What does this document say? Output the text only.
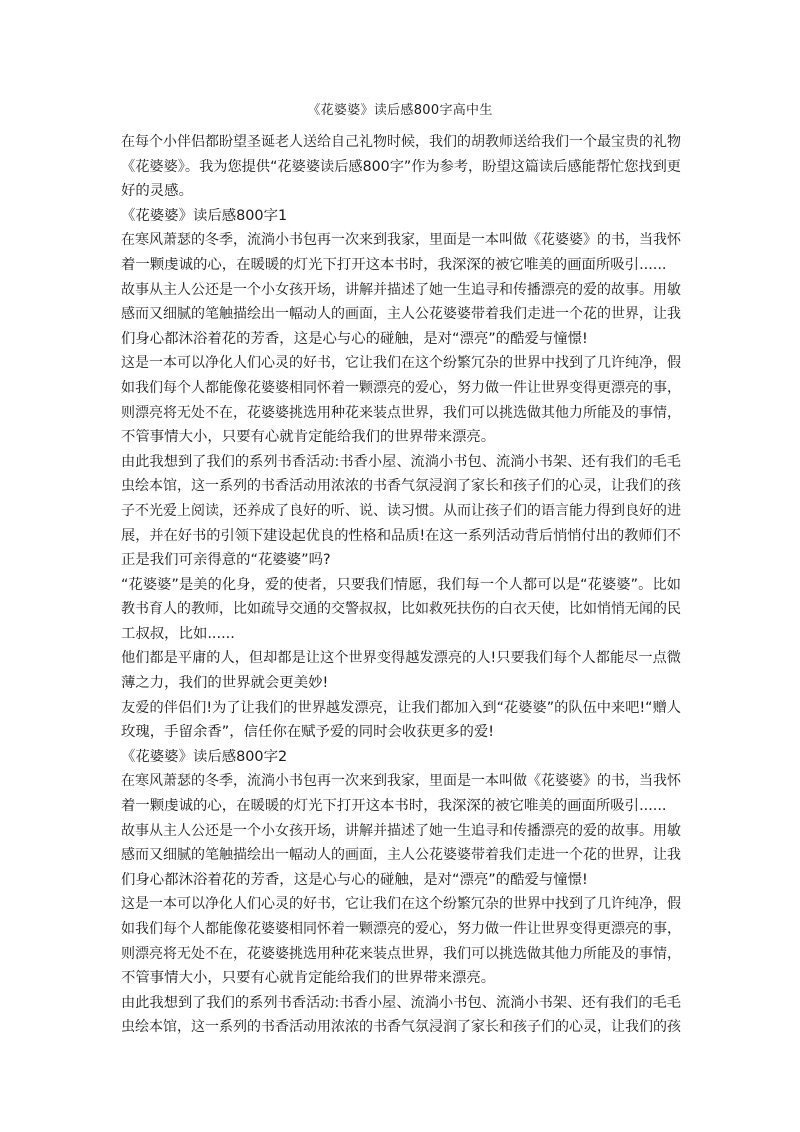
《花婆婆》读后感800字高中生
在每个小伴侣都盼望圣诞老人送给自己礼物时候，我们的胡教师送给我们一个最宝贵的礼物
《花婆婆》。我为您提供“花婆婆读后感800字”作为参考，盼望这篇读后感能帮忙您找到更
好的灵感。
《花婆婆》读后感800字1
在寒风萧瑟的冬季，流淌小书包再一次来到我家，里面是一本叫做《花婆婆》的书，当我怀
着一颗虔诚的心，在暖暖的灯光下打开这本书时，我深深的被它唯美的画面所吸引......
故事从主人公还是一个小女孩开场，讲解并描述了她一生追寻和传播漂亮的爱的故事。用敏
感而又细腻的笔触描绘出一幅动人的画面，主人公花婆婆带着我们走进一个花的世界，让我
们身心都沐浴着花的芳香，这是心与心的碰触，是对“漂亮”的酷爱与憧憬!
这是一本可以净化人们心灵的好书，它让我们在这个纷繁冗杂的世界中找到了几许纯净，假
如我们每个人都能像花婆婆相同怀着一颗漂亮的爱心，努力做一件让世界变得更漂亮的事，
则漂亮将无处不在，花婆婆挑选用种花来装点世界，我们可以挑选做其他力所能及的事情，
不管事情大小，只要有心就肯定能给我们的世界带来漂亮。
由此我想到了我们的系列书香活动:书香小屋、流淌小书包、流淌小书架、还有我们的毛毛
虫绘本馆，这一系列的书香活动用浓浓的书香气氛浸润了家长和孩子们的心灵，让我们的孩
子不光爱上阅读，还养成了良好的听、说、读习惯。从而让孩子们的语言能力得到良好的进
展，并在好书的引领下建设起优良的性格和品质!在这一系列活动背后悄悄付出的教师们不
正是我们可亲得意的“花婆婆”吗?
“花婆婆”是美的化身，爱的使者，只要我们情愿，我们每一个人都可以是“花婆婆”。比如
教书育人的教师，比如疏导交通的交警叔叔，比如救死扶伤的白衣天使，比如悄悄无闻的民
工叔叔，比如......
他们都是平庸的人，但却都是让这个世界变得越发漂亮的人!只要我们每个人都能尽一点微
薄之力，我们的世界就会更美妙!
友爱的伴侣们!为了让我们的世界越发漂亮，让我们都加入到“花婆婆”的队伍中来吧!“赠人
玫瑰，手留余香”，信任你在赋予爱的同时会收获更多的爱!
《花婆婆》读后感800字2
在寒风萧瑟的冬季，流淌小书包再一次来到我家，里面是一本叫做《花婆婆》的书，当我怀
着一颗虔诚的心，在暖暖的灯光下打开这本书时，我深深的被它唯美的画面所吸引......
故事从主人公还是一个小女孩开场，讲解并描述了她一生追寻和传播漂亮的爱的故事。用敏
感而又细腻的笔触描绘出一幅动人的画面，主人公花婆婆带着我们走进一个花的世界，让我
们身心都沐浴着花的芳香，这是心与心的碰触，是对“漂亮”的酷爱与憧憬!
这是一本可以净化人们心灵的好书，它让我们在这个纷繁冗杂的世界中找到了几许纯净，假
如我们每个人都能像花婆婆相同怀着一颗漂亮的爱心，努力做一件让世界变得更漂亮的事，
则漂亮将无处不在，花婆婆挑选用种花来装点世界，我们可以挑选做其他力所能及的事情，
不管事情大小，只要有心就肯定能给我们的世界带来漂亮。
由此我想到了我们的系列书香活动:书香小屋、流淌小书包、流淌小书架、还有我们的毛毛
虫绘本馆，这一系列的书香活动用浓浓的书香气氛浸润了家长和孩子们的心灵，让我们的孩
